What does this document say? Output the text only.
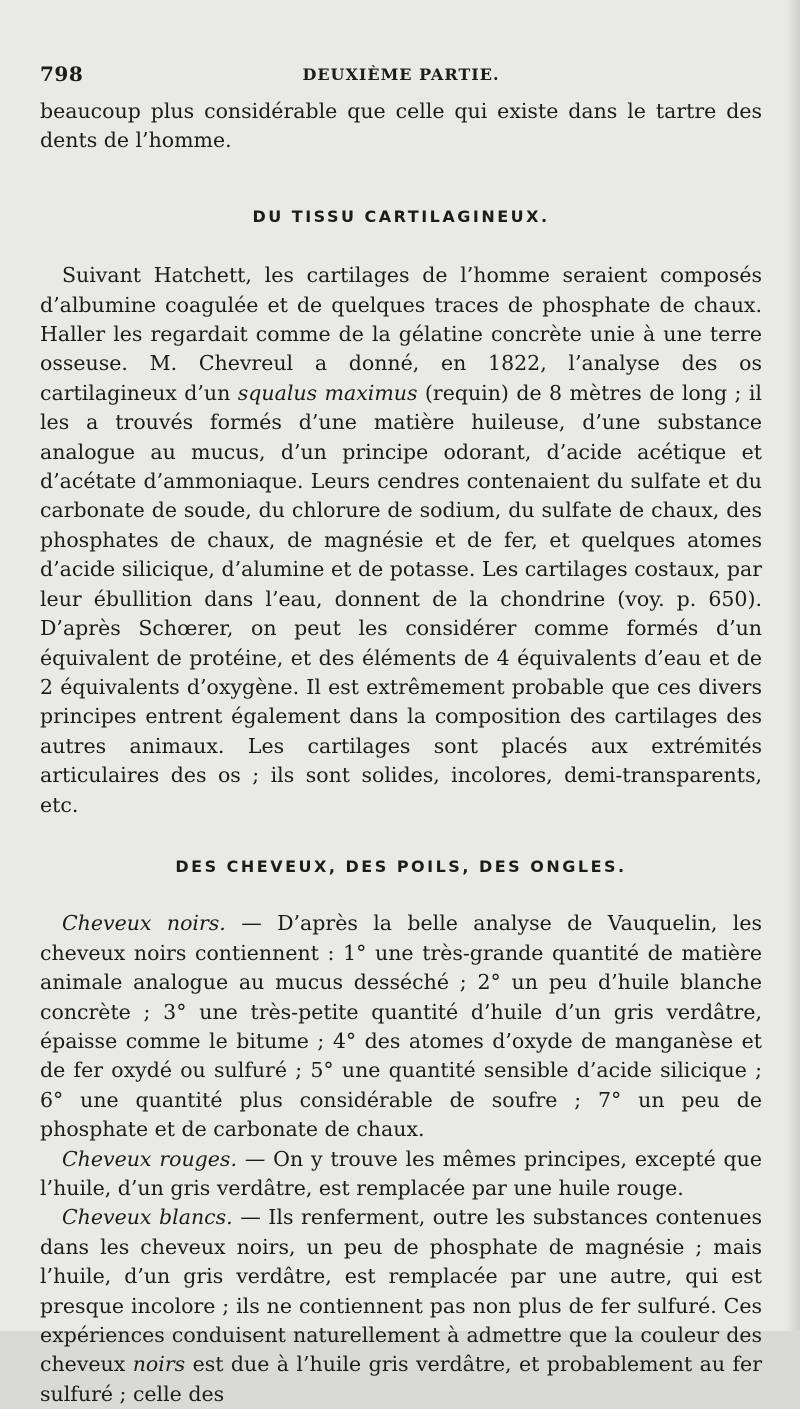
798	DEUXIÈME PARTIE.

beaucoup plus considérable que celle qui existe dans le tartre des dents de l’homme.

DU TISSU CARTILAGINEUX.

Suivant Hatchett, les cartilages de l’homme seraient composés d’albumine coagulée et de quelques traces de phosphate de chaux. Haller les regardait comme de la gélatine concrète unie à une terre osseuse. M. Chevreul a donné, en 1822, l’analyse des os cartilagineux d’un squalus maximus (requin) de 8 mètres de long ; il les a trouvés formés d’une matière huileuse, d’une substance analogue au mucus, d’un principe odorant, d’acide acétique et d’acétate d’ammoniaque. Leurs cendres contenaient du sulfate et du carbonate de soude, du chlorure de sodium, du sulfate de chaux, des phosphates de chaux, de magnésie et de fer, et quelques atomes d’acide silicique, d’alumine et de potasse. Les cartilages costaux, par leur ébullition dans l’eau, donnent de la chondrine (voy. p. 650). D’après Schœrer, on peut les considérer comme formés d’un équivalent de protéine, et des éléments de 4 équivalents d’eau et de 2 équivalents d’oxygène. Il est extrêmement probable que ces divers principes entrent également dans la composition des cartilages des autres animaux. Les cartilages sont placés aux extrémités articulaires des os ; ils sont solides, incolores, demi-transparents, etc.

DES CHEVEUX, DES POILS, DES ONGLES.

Cheveux noirs. — D’après la belle analyse de Vauquelin, les cheveux noirs contiennent : 1° une très-grande quantité de matière animale analogue au mucus desséché ; 2° un peu d’huile blanche concrète ; 3° une très-petite quantité d’huile d’un gris verdâtre, épaisse comme le bitume ; 4° des atomes d’oxyde de manganèse et de fer oxydé ou sulfuré ; 5° une quantité sensible d’acide silicique ; 6° une quantité plus considérable de soufre ; 7° un peu de phosphate et de carbonate de chaux.

Cheveux rouges. — On y trouve les mêmes principes, excepté que l’huile, d’un gris verdâtre, est remplacée par une huile rouge.

Cheveux blancs. — Ils renferment, outre les substances contenues dans les cheveux noirs, un peu de phosphate de magnésie ; mais l’huile, d’un gris verdâtre, est remplacée par une autre, qui est presque incolore ; ils ne contiennent pas non plus de fer sulfuré. Ces expériences conduisent naturellement à admettre que la couleur des cheveux noirs est due à l’huile gris verdâtre, et probablement au fer sulfuré ; celle des
